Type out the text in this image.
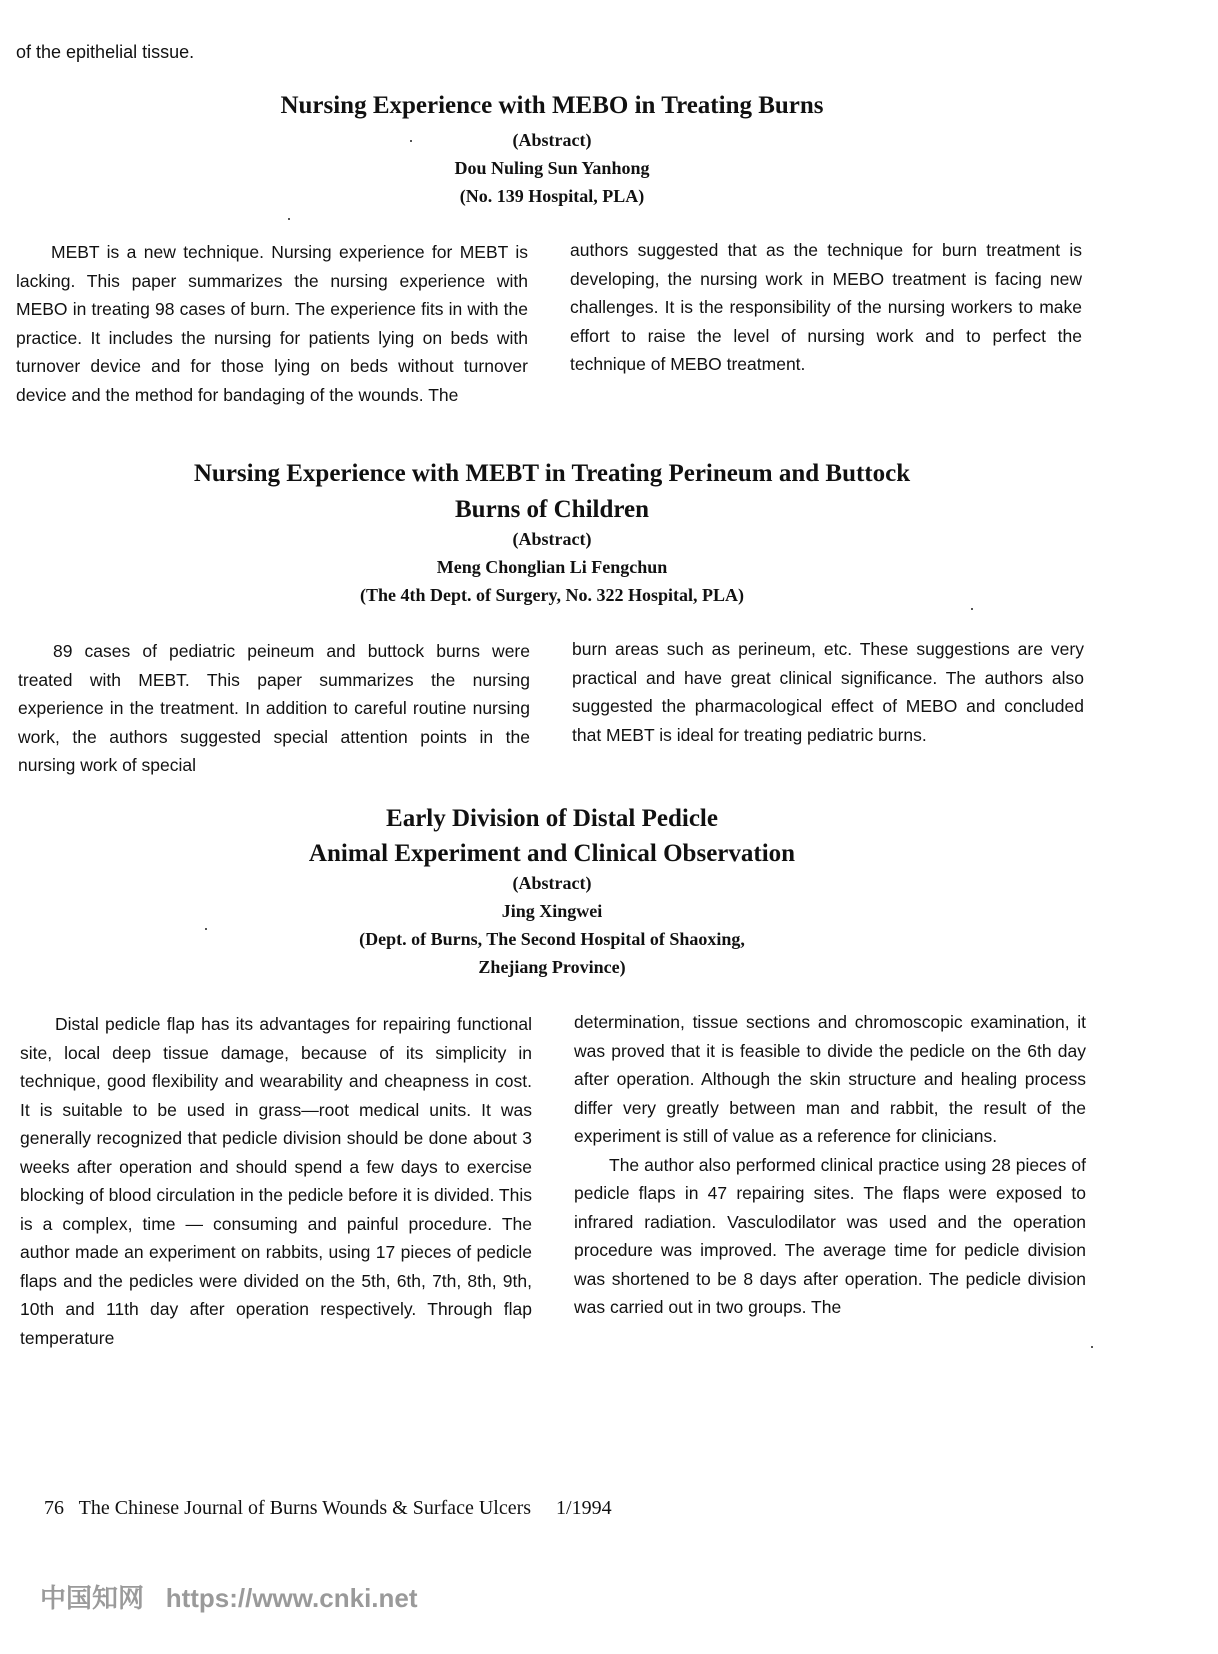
of the epithelial tissue.
Nursing Experience with MEBO in Treating Burns
(Abstract)
Dou Nuling Sun Yanhong
(No. 139 Hospital, PLA)

MEBT is a new technique. Nursing experience for MEBT is lacking. This paper summarizes the nursing experience with MEBO in treating 98 cases of burn. The experience fits in with the practice. It includes the nursing for patients lying on beds with turnover device and for those lying on beds without turnover device and the method for bandaging of the wounds. The

authors suggested that as the technique for burn treatment is developing, the nursing work in MEBO treatment is facing new challenges. It is the responsibility of the nursing workers to make effort to raise the level of nursing work and to perfect the technique of MEBO treatment.

Nursing Experience with MEBT in Treating Perineum and Buttock
Burns of Children
(Abstract)
Meng Chonglian Li Fengchun
(The 4th Dept. of Surgery, No. 322 Hospital, PLA)

89 cases of pediatric peineum and buttock burns were treated with MEBT. This paper summarizes the nursing experience in the treatment. In addition to careful routine nursing work, the authors suggested special attention points in the nursing work of special

burn areas such as perineum, etc. These suggestions are very practical and have great clinical significance. The authors also suggested the pharmacological effect of MEBO and concluded that MEBT is ideal for treating pediatric burns.

Early Division of Distal Pedicle
Animal Experiment and Clinical Observation
(Abstract)
Jing Xingwei
(Dept. of Burns, The Second Hospital of Shaoxing,
Zhejiang Province)

Distal pedicle flap has its advantages for repairing functional site, local deep tissue damage, because of its simplicity in technique, good flexibility and wearability and cheapness in cost. It is suitable to be used in grass—root medical units. It was generally recognized that pedicle division should be done about 3 weeks after operation and should spend a few days to exercise blocking of blood circulation in the pedicle before it is divided. This is a complex, time — consuming and painful procedure. The author made an experiment on rabbits, using 17 pieces of pedicle flaps and the pedicles were divided on the 5th, 6th, 7th, 8th, 9th, 10th and 11th day after operation respectively. Through flap temperature

determination, tissue sections and chromoscopic examination, it was proved that it is feasible to divide the pedicle on the 6th day after operation. Although the skin structure and healing process differ very greatly between man and rabbit, the result of the experiment is still of value as a reference for clinicians.

The author also performed clinical practice using 28 pieces of pedicle flaps in 47 repairing sites. The flaps were exposed to infrared radiation. Vasculodilator was used and the operation procedure was improved. The average time for pedicle division was shortened to be 8 days after operation. The pedicle division was carried out in two groups. The

76 The Chinese Journal of Burns Wounds & Surface Ulcers 1/1994
中国知网 https://www.cnki.net
